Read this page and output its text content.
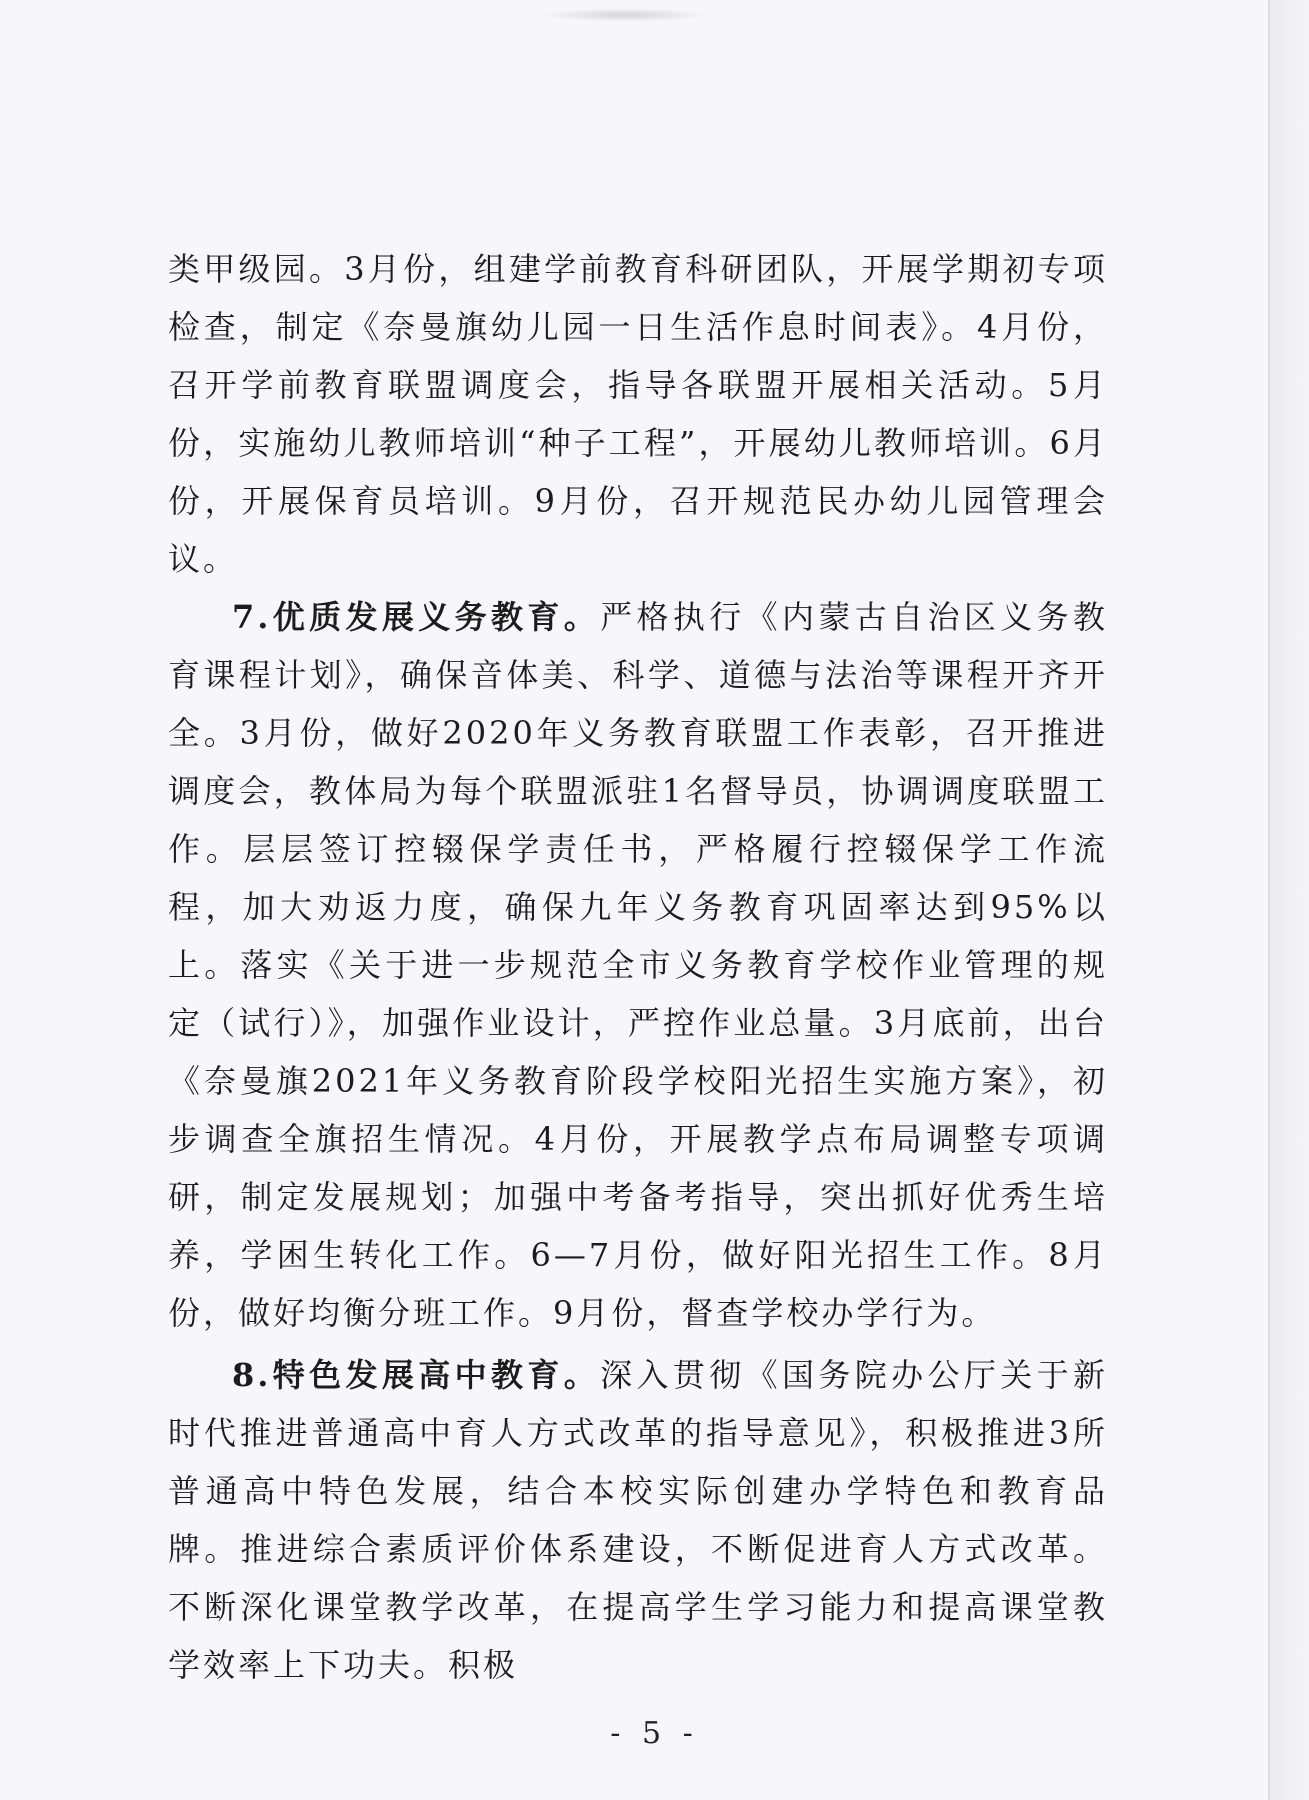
类甲级园。3月份，组建学前教育科研团队，开展学期初专项检查，制定《奈曼旗幼儿园一日生活作息时间表》。4月份，召开学前教育联盟调度会，指导各联盟开展相关活动。5月份，实施幼儿教师培训“种子工程”，开展幼儿教师培训。6月份，开展保育员培训。9月份，召开规范民办幼儿园管理会议。

7.优质发展义务教育。严格执行《内蒙古自治区义务教育课程计划》，确保音体美、科学、道德与法治等课程开齐开全。3月份，做好2020年义务教育联盟工作表彰，召开推进调度会，教体局为每个联盟派驻1名督导员，协调调度联盟工作。层层签订控辍保学责任书，严格履行控辍保学工作流程，加大劝返力度，确保九年义务教育巩固率达到95%以上。落实《关于进一步规范全市义务教育学校作业管理的规定（试行）》，加强作业设计，严控作业总量。3月底前，出台《奈曼旗2021年义务教育阶段学校阳光招生实施方案》，初步调查全旗招生情况。4月份，开展教学点布局调整专项调研，制定发展规划；加强中考备考指导，突出抓好优秀生培养，学困生转化工作。6—7月份，做好阳光招生工作。8月份，做好均衡分班工作。9月份，督查学校办学行为。

8.特色发展高中教育。深入贯彻《国务院办公厅关于新时代推进普通高中育人方式改革的指导意见》，积极推进3所普通高中特色发展，结合本校实际创建办学特色和教育品牌。推进综合素质评价体系建设，不断促进育人方式改革。不断深化课堂教学改革，在提高学生学习能力和提高课堂教学效率上下功夫。积极

- 5 -
